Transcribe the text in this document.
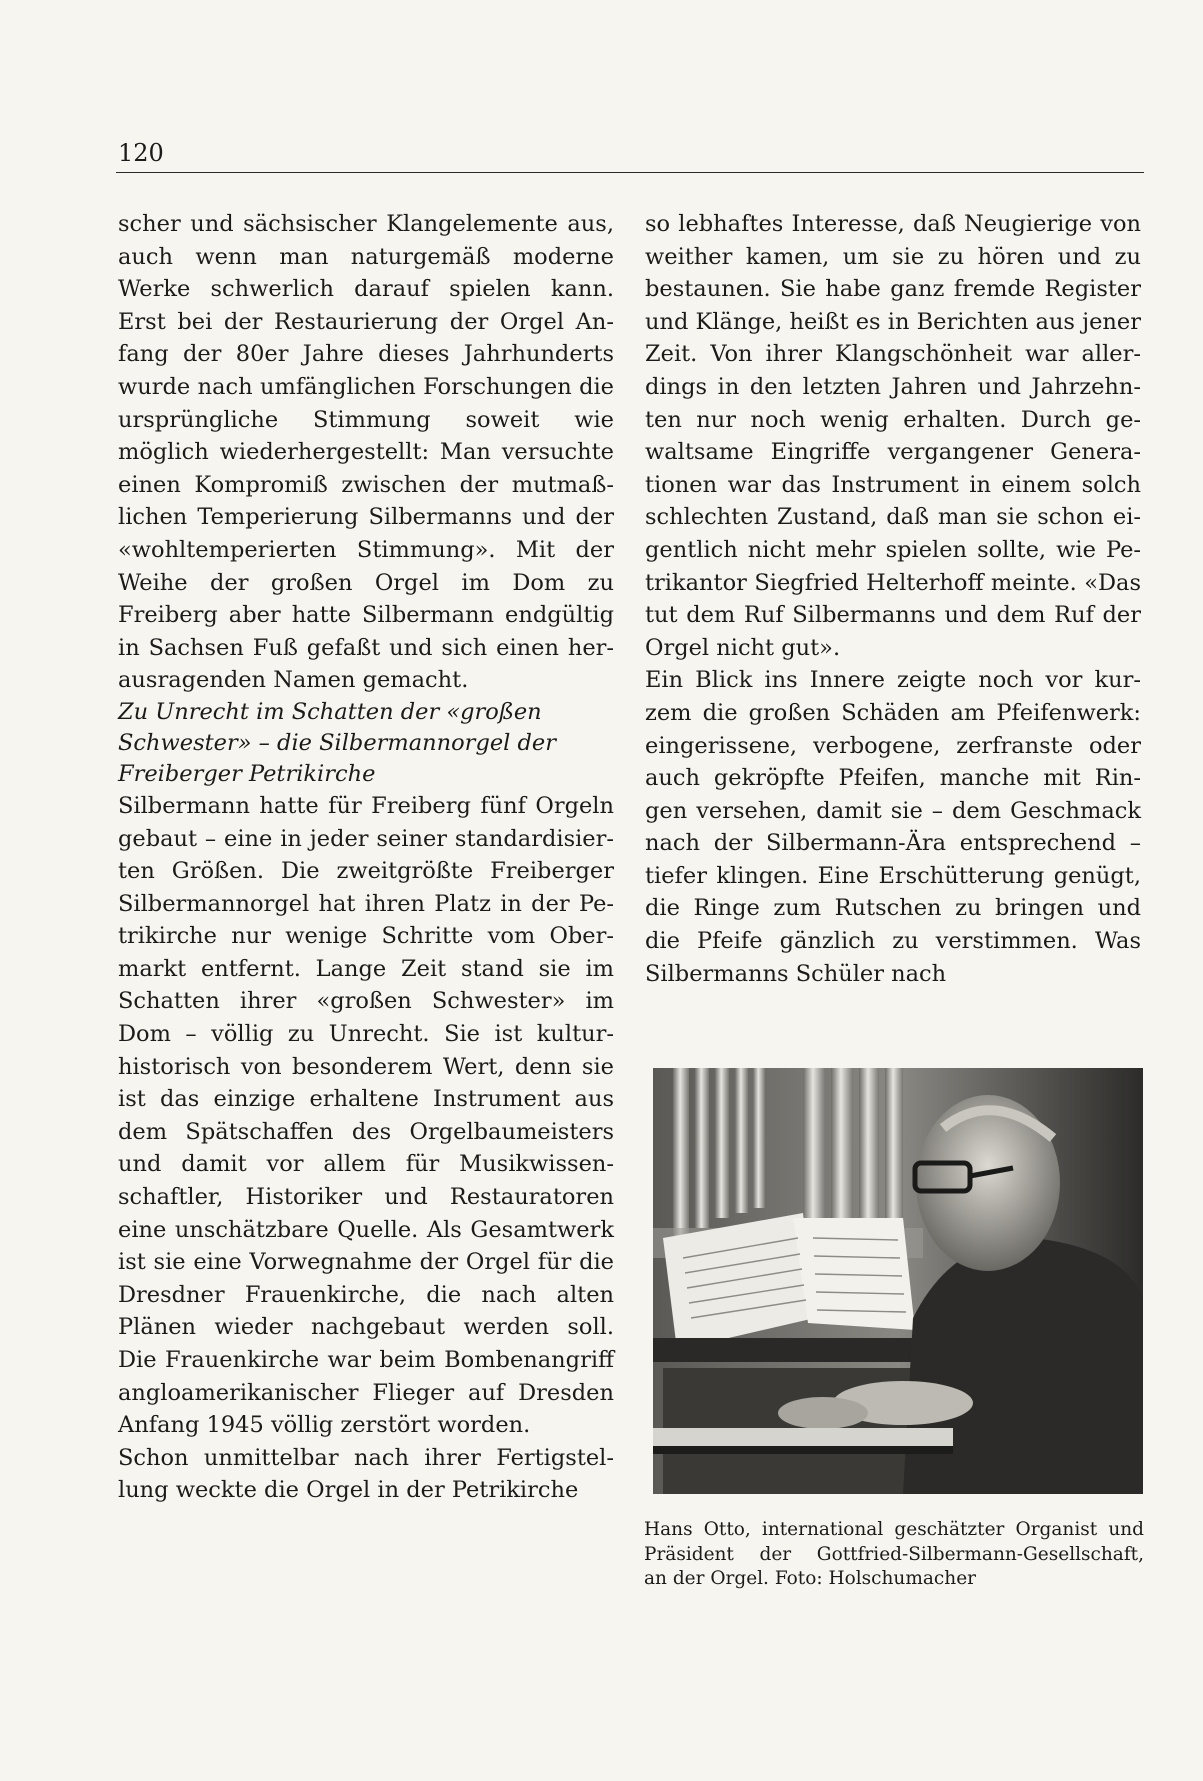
120

scher und sächsischer Klangelemente aus, auch wenn man naturgemäß moderne Werke schwerlich darauf spielen kann. Erst bei der Restaurierung der Orgel Anfang der 80er Jahre dieses Jahrhunderts wurde nach umfänglichen Forschungen die ursprüngliche Stimmung soweit wie möglich wiederhergestellt: Man versuchte einen Kompromiß zwischen der mutmaßlichen Temperierung Silbermanns und der «wohltemperierten Stimmung». Mit der Weihe der großen Orgel im Dom zu Freiberg aber hatte Silbermann endgültig in Sachsen Fuß gefaßt und sich einen herausragenden Namen gemacht.

Zu Unrecht im Schatten der «großen Schwester» – die Silbermannorgel der Freiberger Petrikirche

Silbermann hatte für Freiberg fünf Orgeln gebaut – eine in jeder seiner standardisierten Größen. Die zweitgrößte Freiberger Silbermannorgel hat ihren Platz in der Petrikirche nur wenige Schritte vom Obermarkt entfernt. Lange Zeit stand sie im Schatten ihrer «großen Schwester» im Dom – völlig zu Unrecht. Sie ist kulturhistorisch von besonderem Wert, denn sie ist das einzige erhaltene Instrument aus dem Spätschaffen des Orgelbaumeisters und damit vor allem für Musikwissenschaftler, Historiker und Restauratoren eine unschätzbare Quelle. Als Gesamtwerk ist sie eine Vorwegnahme der Orgel für die Dresdner Frauenkirche, die nach alten Plänen wieder nachgebaut werden soll. Die Frauenkirche war beim Bombenangriff angloamerikanischer Flieger auf Dresden Anfang 1945 völlig zerstört worden.

Schon unmittelbar nach ihrer Fertigstellung weckte die Orgel in der Petrikirche

so lebhaftes Interesse, daß Neugierige von weither kamen, um sie zu hören und zu bestaunen. Sie habe ganz fremde Register und Klänge, heißt es in Berichten aus jener Zeit. Von ihrer Klangschönheit war allerdings in den letzten Jahren und Jahrzehnten nur noch wenig erhalten. Durch gewaltsame Eingriffe vergangener Generationen war das Instrument in einem solch schlechten Zustand, daß man sie schon eigentlich nicht mehr spielen sollte, wie Petrikantor Siegfried Helterhoff meinte. «Das tut dem Ruf Silbermanns und dem Ruf der Orgel nicht gut».

Ein Blick ins Innere zeigte noch vor kurzem die großen Schäden am Pfeifenwerk: eingerissene, verbogene, zerfranste oder auch gekröpfte Pfeifen, manche mit Ringen versehen, damit sie – dem Geschmack nach der Silbermann-Ära entsprechend – tiefer klingen. Eine Erschütterung genügt, die Ringe zum Rutschen zu bringen und die Pfeife gänzlich zu verstimmen. Was Silbermanns Schüler nach

Hans Otto, international geschätzter Organist und
Präsident der Gottfried-Silbermann-Gesellschaft,
an der Orgel. Foto: Holschumacher
